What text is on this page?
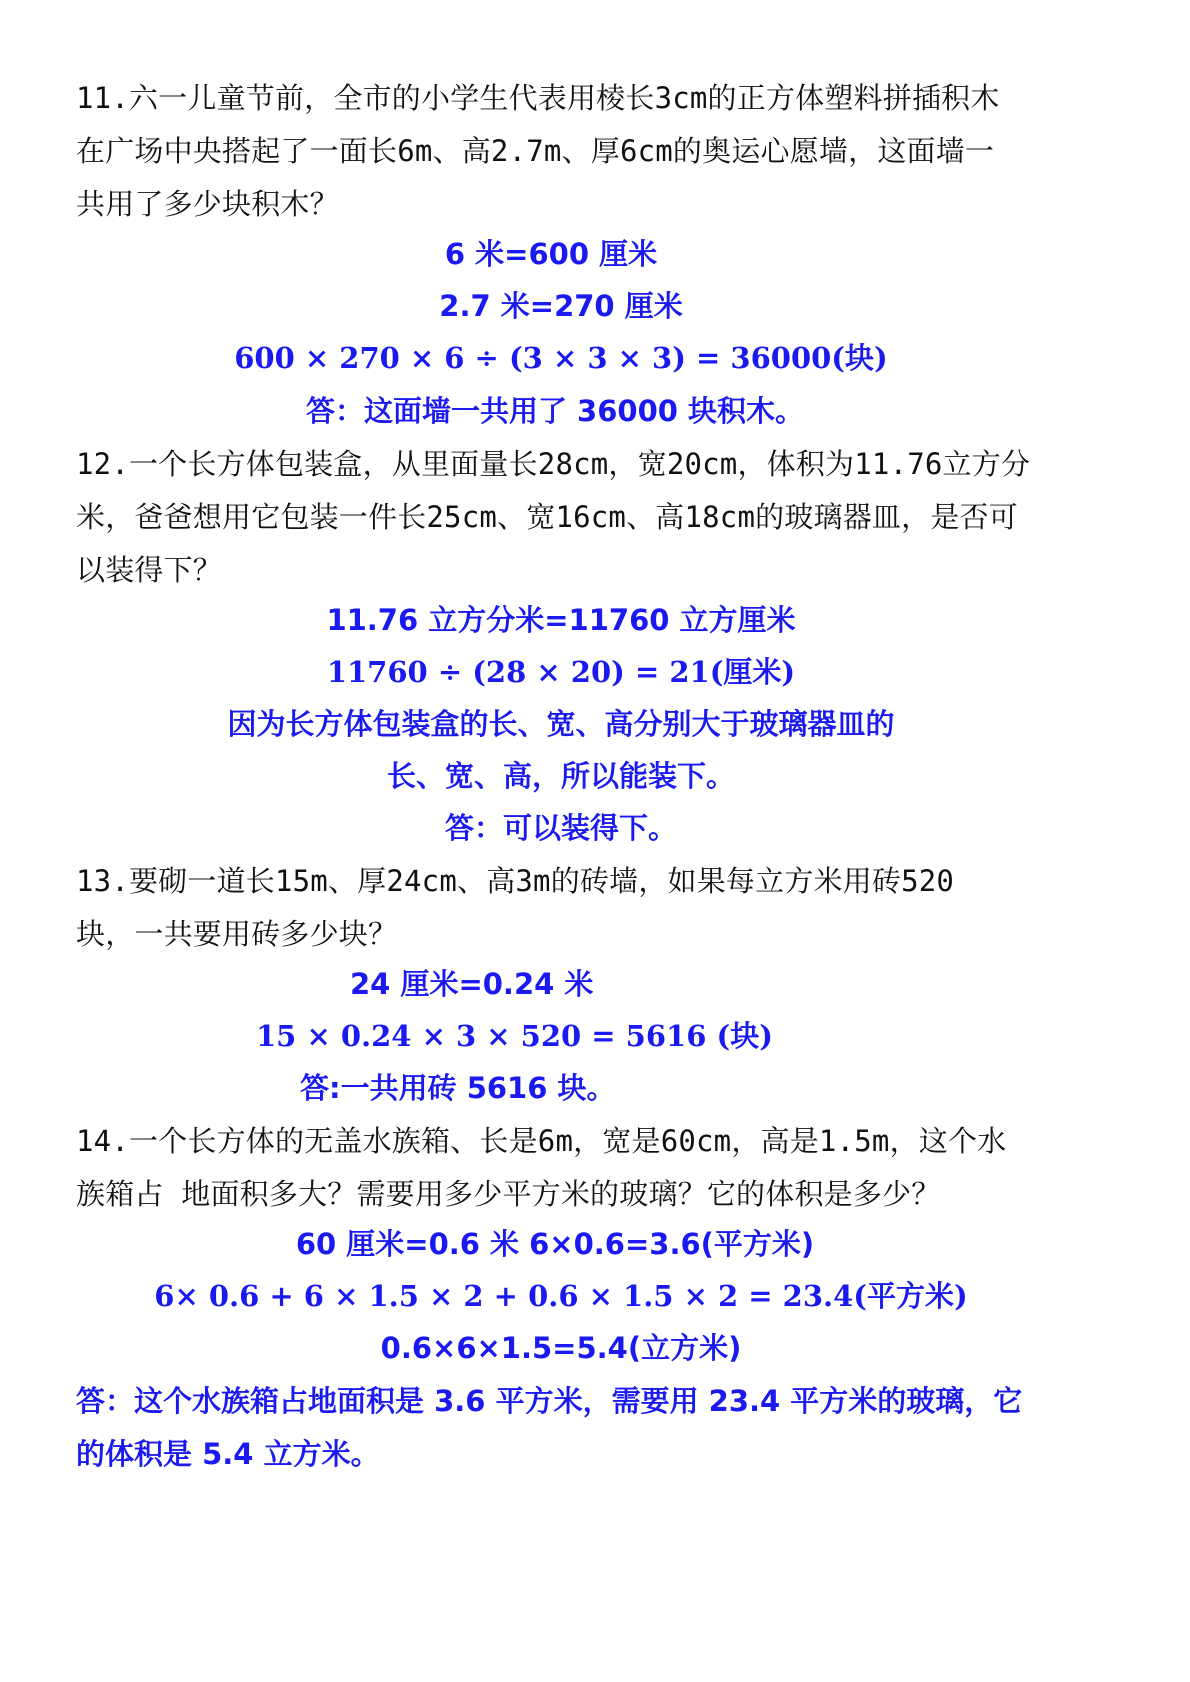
11.六一儿童节前，全市的小学生代表用棱长3cm的正方体塑料拼插积木
在广场中央搭起了一面长6m、高2.7m、厚6cm的奥运心愿墙，这面墙一
共用了多少块积木？
6 米=600 厘米
2.7 米=270 厘米
600 × 270 × 6 ÷ (3 × 3 × 3) = 36000(块)
答：这面墙一共用了 36000 块积木。
12.一个长方体包装盒，从里面量长28cm，宽20cm，体积为11.76立方分
米，爸爸想用它包装一件长25cm、宽16cm、高18cm的玻璃器皿，是否可
以装得下？
11.76 立方分米=11760 立方厘米
11760 ÷ (28 × 20) = 21(厘米)
因为长方体包装盒的长、宽、高分别大于玻璃器皿的
长、宽、高，所以能装下。
答：可以装得下。
13.要砌一道长15m、厚24cm、高3m的砖墙，如果每立方米用砖520
块，一共要用砖多少块？
24 厘米=0.24 米
15 × 0.24 × 3 × 520 = 5616 (块)
答:一共用砖 5616 块。
14.一个长方体的无盖水族箱、长是6m，宽是60cm，高是1.5m，这个水
族箱占 地面积多大？需要用多少平方米的玻璃？它的体积是多少？
60 厘米=0.6 米 6×0.6=3.6(平方米)
6× 0.6 + 6 × 1.5 × 2 + 0.6 × 1.5 × 2 = 23.4(平方米)
0.6×6×1.5=5.4(立方米)
答：这个水族箱占地面积是 3.6 平方米，需要用 23.4 平方米的玻璃，它
的体积是 5.4 立方米。
